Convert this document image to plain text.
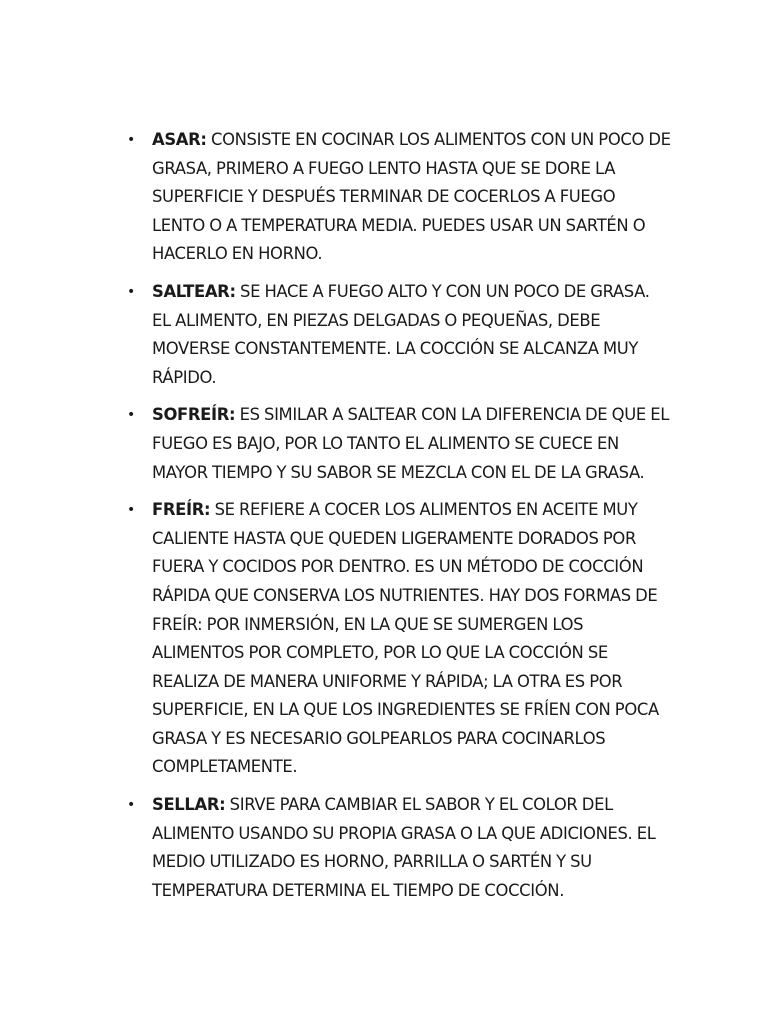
• ASAR: CONSISTE EN COCINAR LOS ALIMENTOS CON UN POCO DE GRASA, PRIMERO A FUEGO LENTO HASTA QUE SE DORE LA SUPERFICIE Y DESPUÉS TERMINAR DE COCERLOS A FUEGO LENTO O A TEMPERATURA MEDIA. PUEDES USAR UN SARTÉN O HACERLO EN HORNO.
• SALTEAR: SE HACE A FUEGO ALTO Y CON UN POCO DE GRASA. EL ALIMENTO, EN PIEZAS DELGADAS O PEQUEÑAS, DEBE MOVERSE CONSTANTEMENTE. LA COCCIÓN SE ALCANZA MUY RÁPIDO.
• SOFREÍR: ES SIMILAR A SALTEAR CON LA DIFERENCIA DE QUE EL FUEGO ES BAJO, POR LO TANTO EL ALIMENTO SE CUECE EN MAYOR TIEMPO Y SU SABOR SE MEZCLA CON EL DE LA GRASA.
• FREÍR: SE REFIERE A COCER LOS ALIMENTOS EN ACEITE MUY CALIENTE HASTA QUE QUEDEN LIGERAMENTE DORADOS POR FUERA Y COCIDOS POR DENTRO. ES UN MÉTODO DE COCCIÓN RÁPIDA QUE CONSERVA LOS NUTRIENTES. HAY DOS FORMAS DE FREÍR: POR INMERSIÓN, EN LA QUE SE SUMERGEN LOS ALIMENTOS POR COMPLETO, POR LO QUE LA COCCIÓN SE REALIZA DE MANERA UNIFORME Y RÁPIDA; LA OTRA ES POR SUPERFICIE, EN LA QUE LOS INGREDIENTES SE FRÍEN CON POCA GRASA Y ES NECESARIO GOLPEARLOS PARA COCINARLOS COMPLETAMENTE.
• SELLAR: SIRVE PARA CAMBIAR EL SABOR Y EL COLOR DEL ALIMENTO USANDO SU PROPIA GRASA O LA QUE ADICIONES. EL MEDIO UTILIZADO ES HORNO, PARRILLA O SARTÉN Y SU TEMPERATURA DETERMINA EL TIEMPO DE COCCIÓN.
